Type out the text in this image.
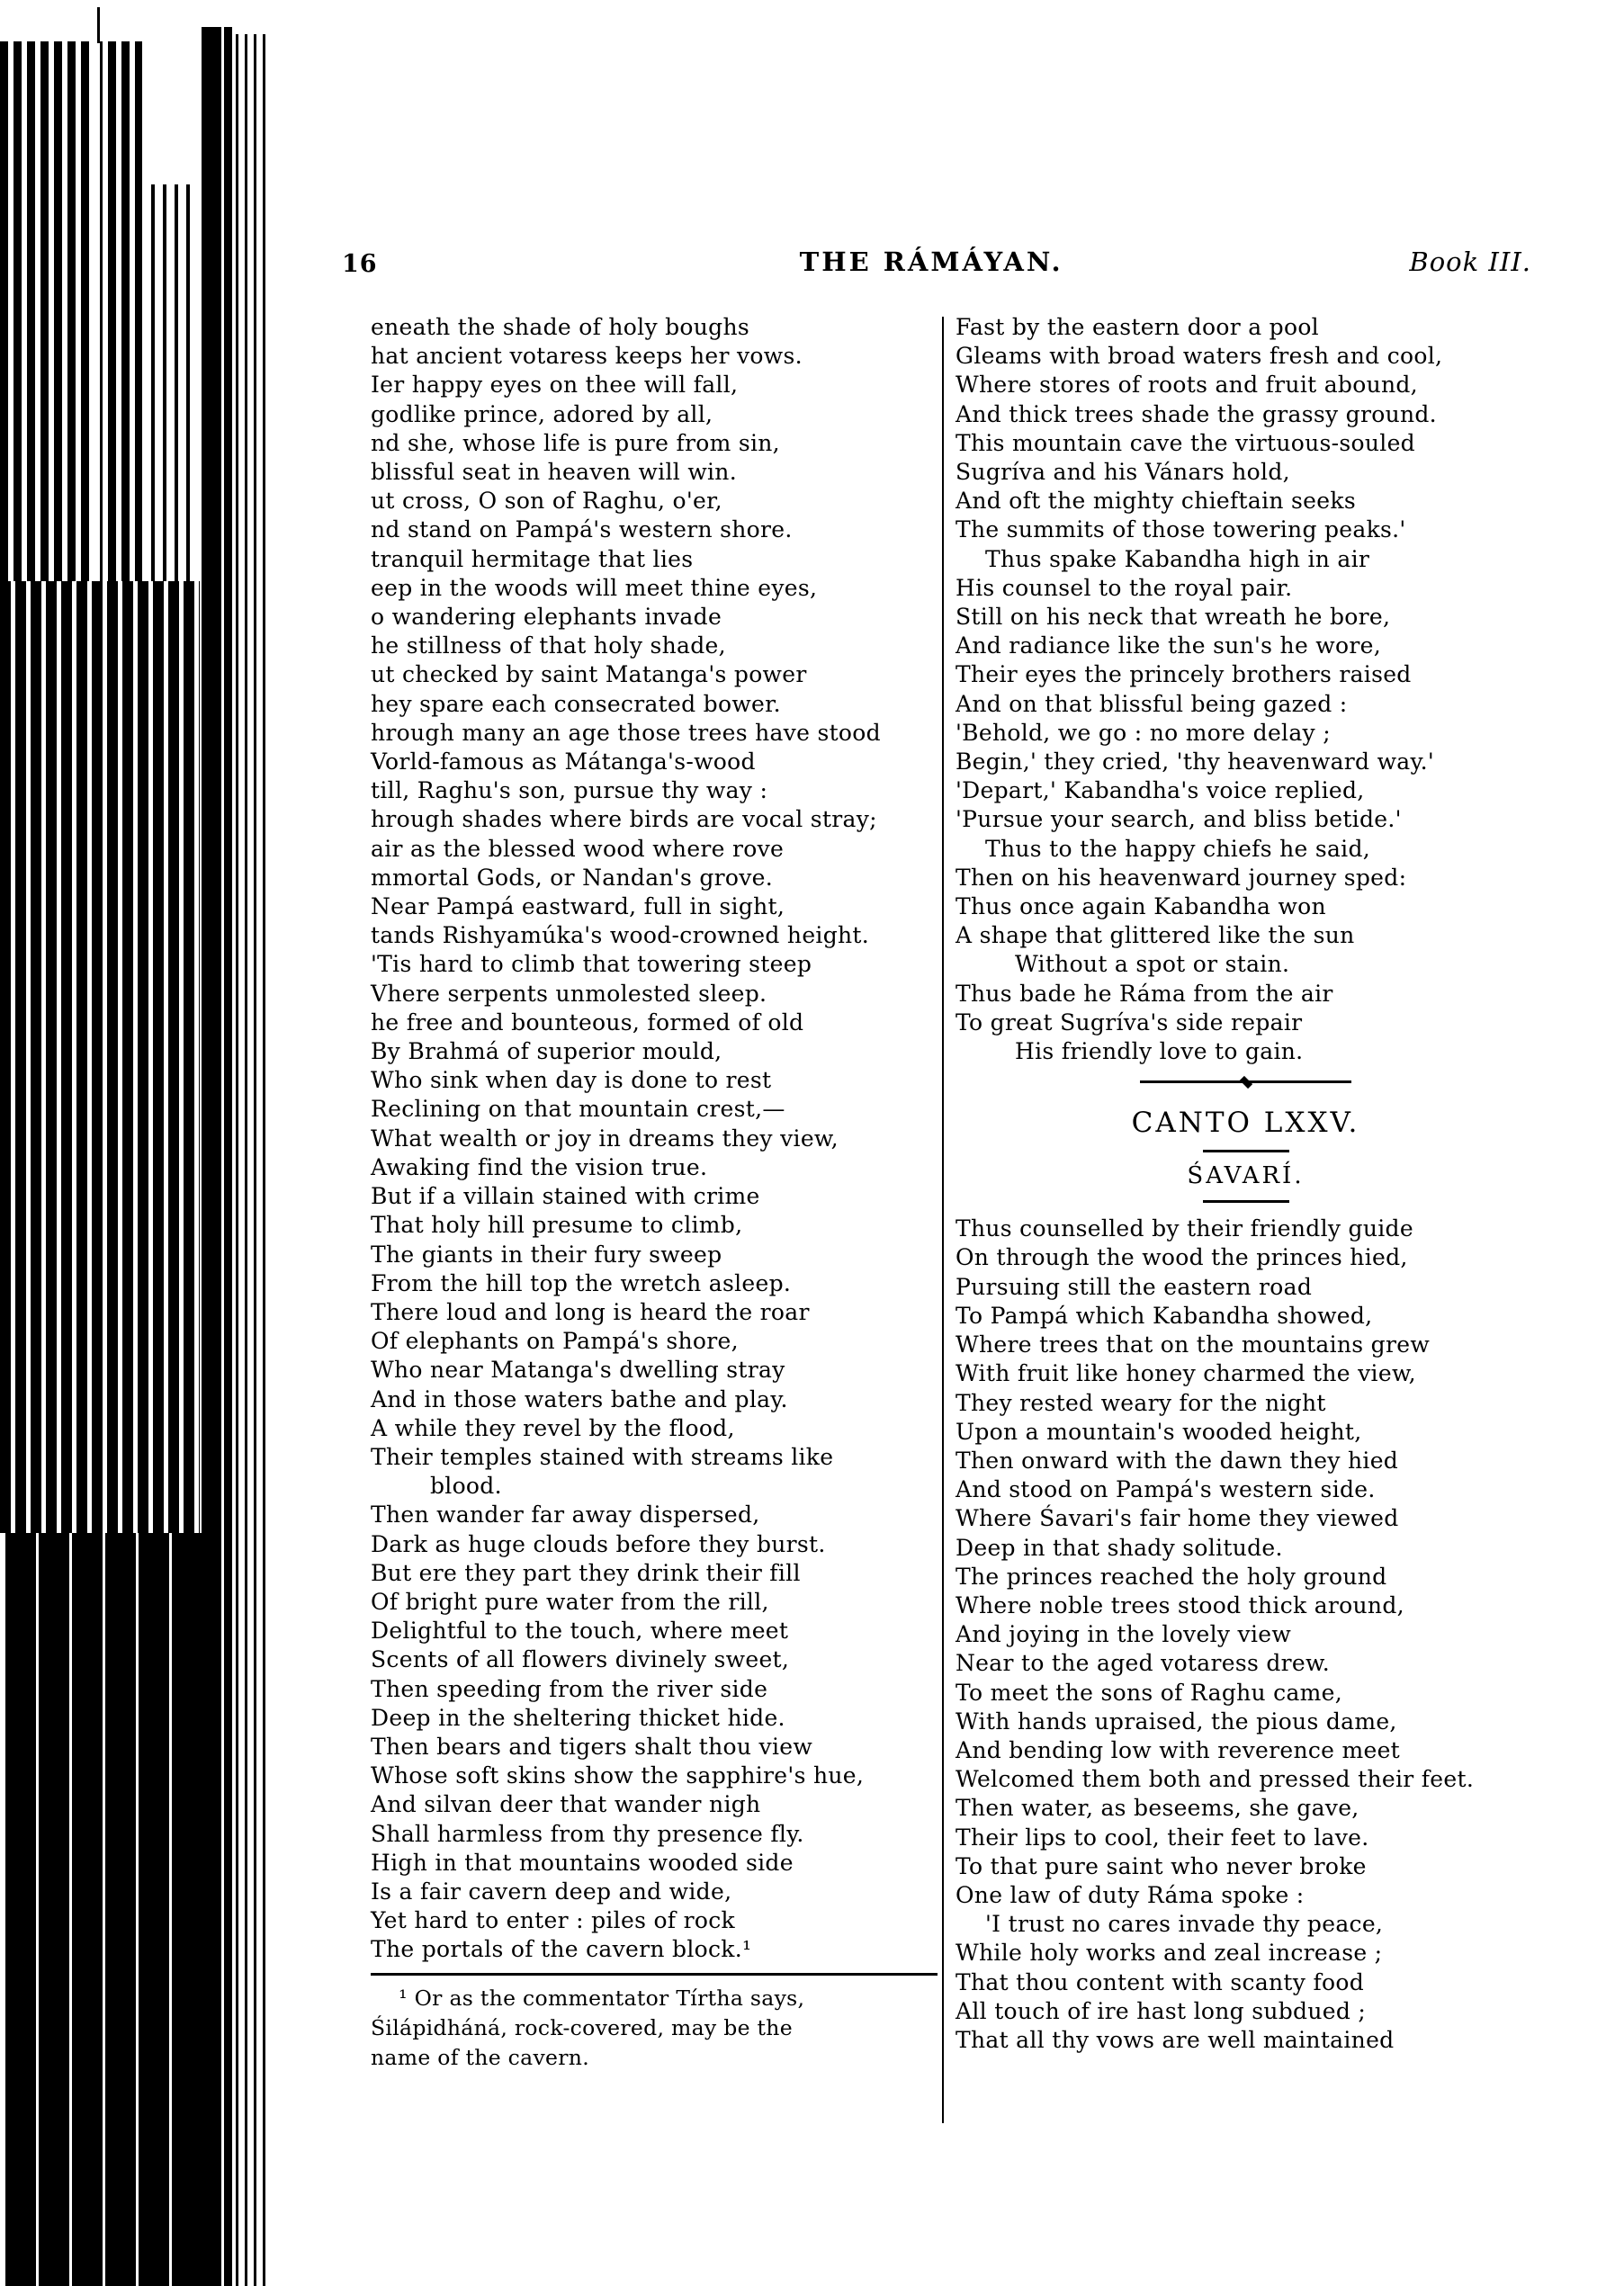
16	THE RÁMÁYAN.	Book III.
eneath the shade of holy boughs
hat ancient votaress keeps her vows.
Ier happy eyes on thee will fall,
godlike prince, adored by all,
nd she, whose life is pure from sin,
blissful seat in heaven will win.
ut cross, O son of Raghu, o'er,
nd stand on Pampá's western shore.
tranquil hermitage that lies
eep in the woods will meet thine eyes,
o wandering elephants invade
he stillness of that holy shade,
ut checked by saint Matanga's power
hey spare each consecrated bower.
hrough many an age those trees have stood
Vorld-famous as Mátanga's-wood
till, Raghu's son, pursue thy way :
hrough shades where birds are vocal stray;
air as the blessed wood where rove
mmortal Gods, or Nandan's grove.
Near Pampá eastward, full in sight,
tands Rishyamúka's wood-crowned height.
'Tis hard to climb that towering steep
Vhere serpents unmolested sleep.
he free and bounteous, formed of old
By Brahmá of superior mould,
Who sink when day is done to rest
Reclining on that mountain crest,—
What wealth or joy in dreams they view,
Awaking find the vision true.
But if a villain stained with crime
That holy hill presume to climb,
The giants in their fury sweep
From the hill top the wretch asleep.
There loud and long is heard the roar
Of elephants on Pampá's shore,
Who near Matanga's dwelling stray
And in those waters bathe and play.
A while they revel by the flood,
Their temples stained with streams like
blood.
Then wander far away dispersed,
Dark as huge clouds before they burst.
But ere they part they drink their fill
Of bright pure water from the rill,
Delightful to the touch, where meet
Scents of all flowers divinely sweet,
Then speeding from the river side
Deep in the sheltering thicket hide.
Then bears and tigers shalt thou view
Whose soft skins show the sapphire's hue,
And silvan deer that wander nigh
Shall harmless from thy presence fly.
High in that mountains wooded side
Is a fair cavern deep and wide,
Yet hard to enter : piles of rock
The portals of the cavern block.¹
¹ Or as the commentator Tírtha says,
Śilápidháná, rock-covered, may be the
name of the cavern.
Fast by the eastern door a pool
Gleams with broad waters fresh and cool,
Where stores of roots and fruit abound,
And thick trees shade the grassy ground.
This mountain cave the virtuous-souled
Sugríva and his Vánars hold,
And oft the mighty chieftain seeks
The summits of those towering peaks.'
Thus spake Kabandha high in air
His counsel to the royal pair.
Still on his neck that wreath he bore,
And radiance like the sun's he wore,
Their eyes the princely brothers raised
And on that blissful being gazed :
'Behold, we go : no more delay ;
Begin,' they cried, 'thy heavenward way.'
'Depart,' Kabandha's voice replied,
'Pursue your search, and bliss betide.'
Thus to the happy chiefs he said,
Then on his heavenward journey sped:
Thus once again Kabandha won
A shape that glittered like the sun
Without a spot or stain.
Thus bade he Ráma from the air
To great Sugríva's side repair
His friendly love to gain.
CANTO LXXV.
ŚAVARÍ.
Thus counselled by their friendly guide
On through the wood the princes hied,
Pursuing still the eastern road
To Pampá which Kabandha showed,
Where trees that on the mountains grew
With fruit like honey charmed the view,
They rested weary for the night
Upon a mountain's wooded height,
Then onward with the dawn they hied
And stood on Pampá's western side.
Where Śavari's fair home they viewed
Deep in that shady solitude.
The princes reached the holy ground
Where noble trees stood thick around,
And joying in the lovely view
Near to the aged votaress drew.
To meet the sons of Raghu came,
With hands upraised, the pious dame,
And bending low with reverence meet
Welcomed them both and pressed their feet.
Then water, as beseems, she gave,
Their lips to cool, their feet to lave.
To that pure saint who never broke
One law of duty Ráma spoke :
'I trust no cares invade thy peace,
While holy works and zeal increase ;
That thou content with scanty food
All touch of ire hast long subdued ;
That all thy vows are well maintained
